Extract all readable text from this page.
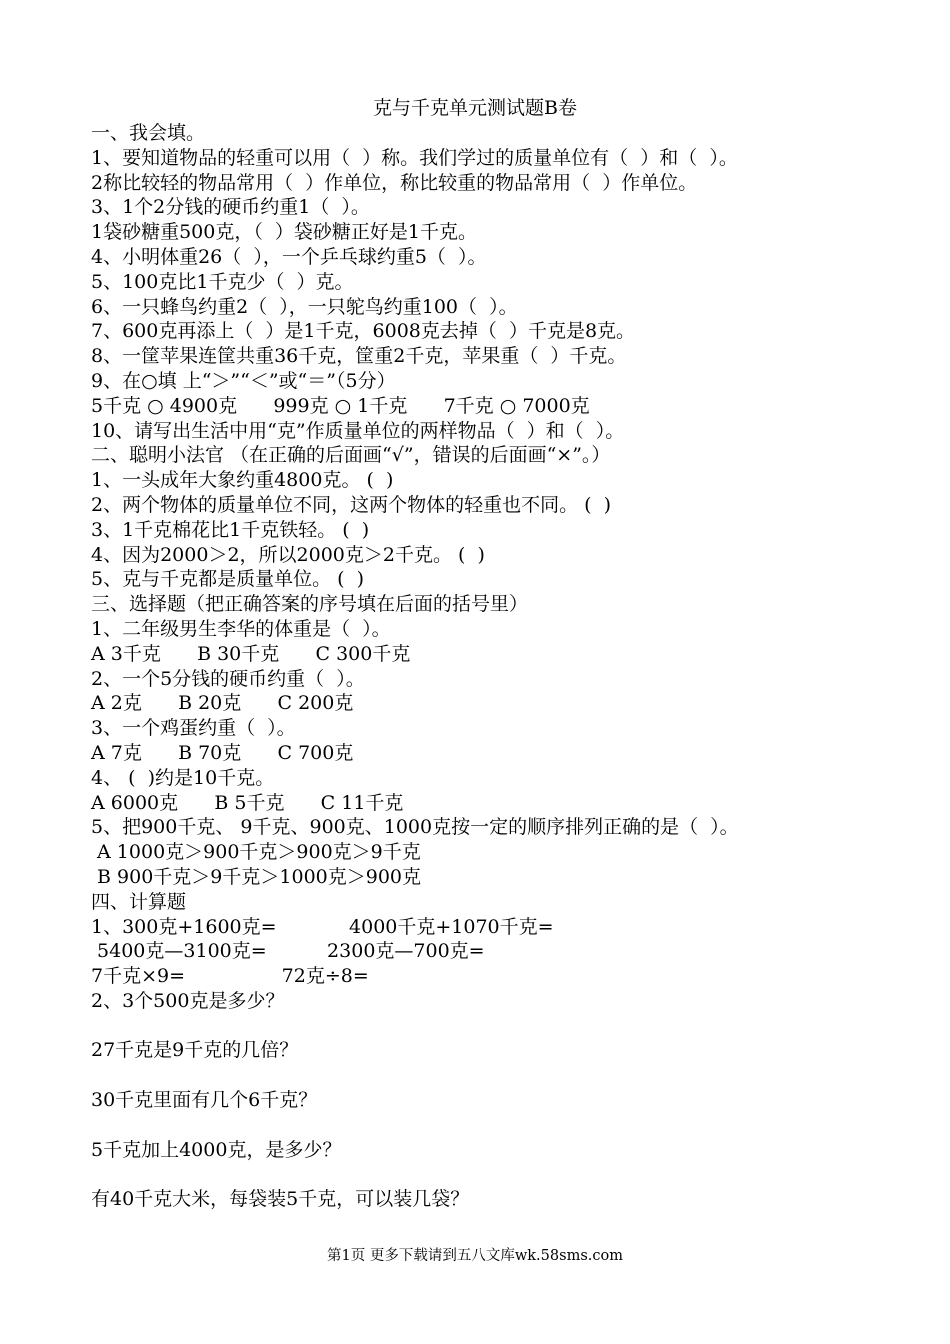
克与千克单元测试题B卷
一、我会填。
1、要知道物品的轻重可以用（  ）称。我们学过的质量单位有（  ）和（  ）。
2称比较轻的物品常用（  ）作单位，称比较重的物品常用（  ）作单位。
3、1个2分钱的硬币约重1（  ）。
1袋砂糖重500克，（  ）袋砂糖正好是1千克。
4、小明体重26（  ），一个乒乓球约重5（  ）。
5、100克比1千克少（  ）克。
6、一只蜂鸟约重2（  ），一只鸵鸟约重100（  ）。
7、600克再添上（  ）是1千克，6008克去掉（  ）千克是8克。
8、一筐苹果连筐共重36千克，筐重2千克，苹果重（  ）千克。
9、在○填 上“＞”“＜”或“＝”（5分）
5千克 ○ 4900克      999克 ○ 1千克      7千克 ○ 7000克
10、请写出生活中用“克”作质量单位的两样物品（  ）和（  ）。
二、聪明小法官 （在正确的后面画“√”，错误的后面画“×”。）
1、一头成年大象约重4800克。 (  )
2、两个物体的质量单位不同，这两个物体的轻重也不同。 (  )
3、1千克棉花比1千克铁轻。 (  )
4、因为2000＞2，所以2000克＞2千克。 (  )
5、克与千克都是质量单位。 (  )
三、选择题（把正确答案的序号填在后面的括号里）
1、二年级男生李华的体重是（  ）。
A 3千克      B 30千克      C 300千克
2、一个5分钱的硬币约重（  ）。
A 2克      B 20克      C 200克
3、一个鸡蛋约重（  ）。
A 7克      B 70克      C 700克
4、 (  )约是10千克。
A 6000克      B 5千克      C 11千克
5、把900千克、 9千克、900克、1000克按一定的顺序排列正确的是（  ）。
A 1000克＞900千克＞900克＞9千克
B 900千克＞9千克＞1000克＞900克
四、计算题
1、300克+1600克=            4000千克+1070千克=
5400克—3100克=          2300克—700克=
7千克×9=                72克÷8=
2、3个500克是多少？
27千克是9千克的几倍？
30千克里面有几个6千克？
5千克加上4000克，是多少？
有40千克大米，每袋装5千克，可以装几袋？
第1页 更多下载请到五八文库wk.58sms.com
